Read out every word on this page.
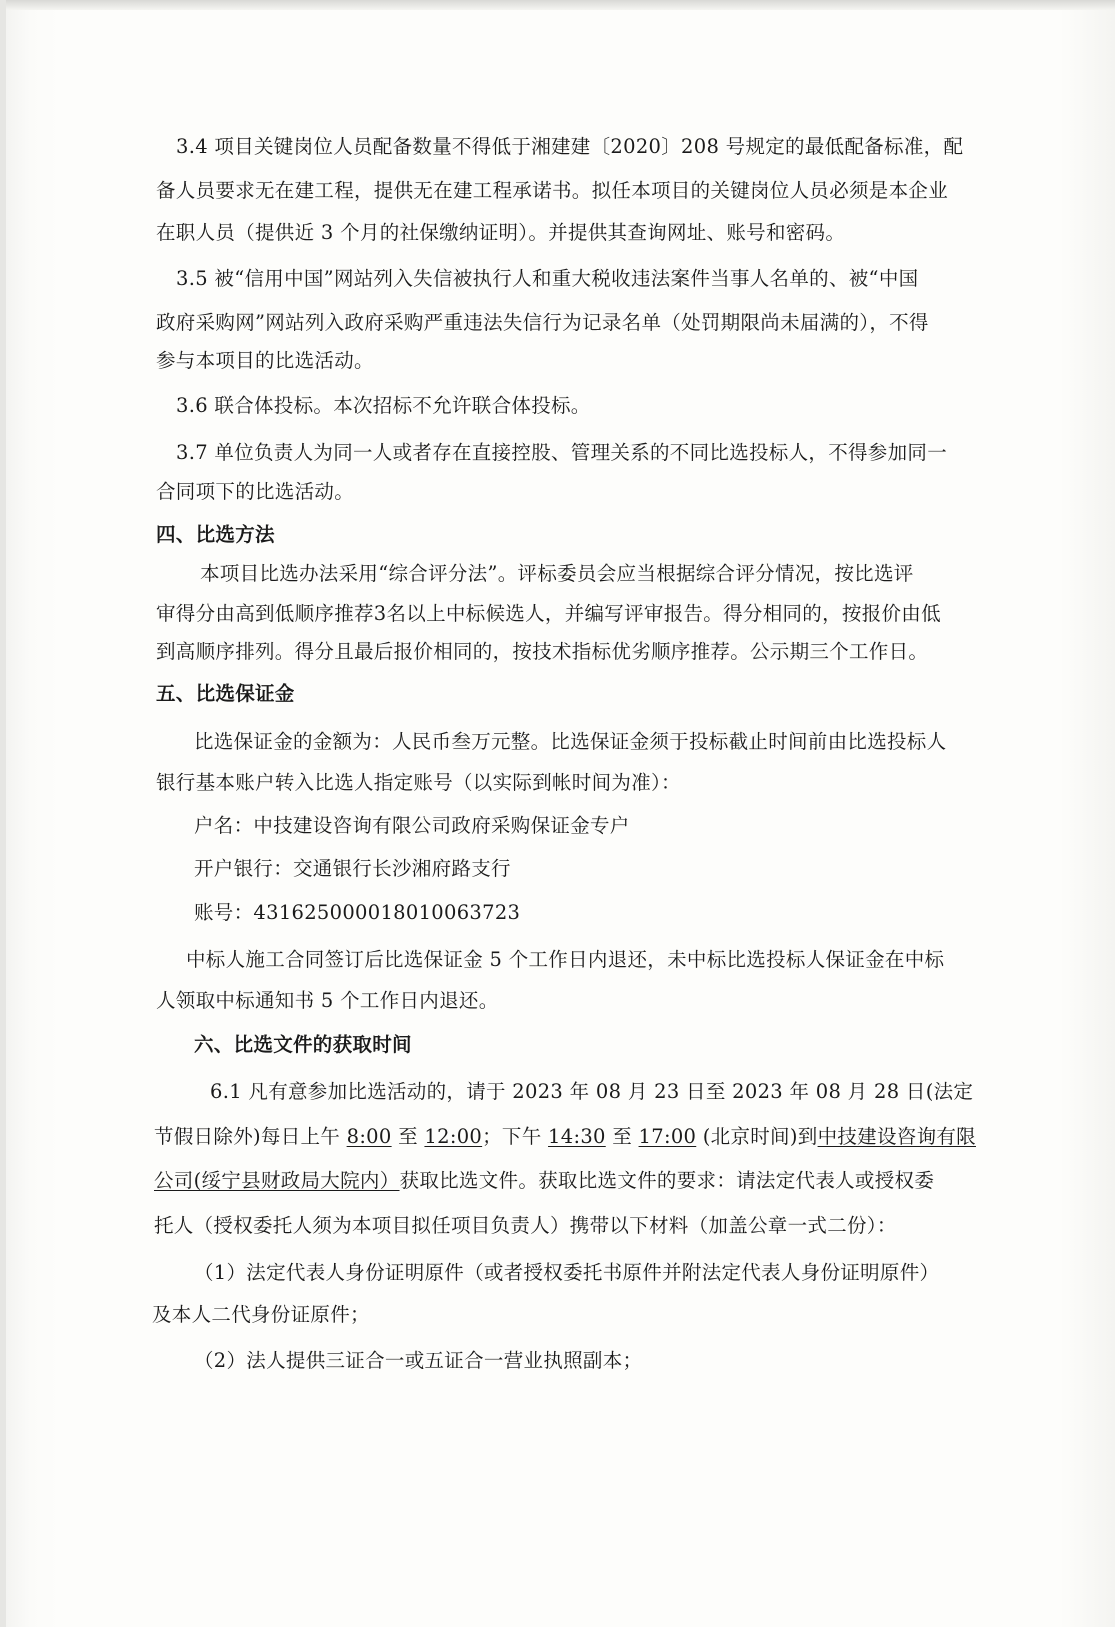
3.4 项目关键岗位人员配备数量不得低于湘建建〔2020〕208 号规定的最低配备标准，配
备人员要求无在建工程，提供无在建工程承诺书。拟任本项目的关键岗位人员必须是本企业
在职人员（提供近 3 个月的社保缴纳证明）。并提供其查询网址、账号和密码。
3.5 被“信用中国”网站列入失信被执行人和重大税收违法案件当事人名单的、被“中国
政府采购网”网站列入政府采购严重违法失信行为记录名单（处罚期限尚未届满的），不得
参与本项目的比选活动。
3.6 联合体投标。本次招标不允许联合体投标。
3.7 单位负责人为同一人或者存在直接控股、管理关系的不同比选投标人，不得参加同一
合同项下的比选活动。
四、比选方法
本项目比选办法采用“综合评分法”。评标委员会应当根据综合评分情况，按比选评
审得分由高到低顺序推荐3名以上中标候选人，并编写评审报告。得分相同的，按报价由低
到高顺序排列。得分且最后报价相同的，按技术指标优劣顺序推荐。公示期三个工作日。
五、比选保证金
比选保证金的金额为：人民币叁万元整。比选保证金须于投标截止时间前由比选投标人
银行基本账户转入比选人指定账号（以实际到帐时间为准）：
户名：中技建设咨询有限公司政府采购保证金专户
开户银行：交通银行长沙湘府路支行
账号：431625000018010063723
中标人施工合同签订后比选保证金 5 个工作日内退还，未中标比选投标人保证金在中标
人领取中标通知书 5 个工作日内退还。
六、比选文件的获取时间
6.1 凡有意参加比选活动的，请于 2023 年 08 月 23 日至 2023 年 08 月 28 日(法定
节假日除外)每日上午 8:00 至 12:00；下午 14:30 至 17:00 (北京时间)到中技建设咨询有限
公司(绥宁县财政局大院内）获取比选文件。获取比选文件的要求：请法定代表人或授权委
托人（授权委托人须为本项目拟任项目负责人）携带以下材料（加盖公章一式二份）：
（1）法定代表人身份证明原件（或者授权委托书原件并附法定代表人身份证明原件）
及本人二代身份证原件；
（2）法人提供三证合一或五证合一营业执照副本；
